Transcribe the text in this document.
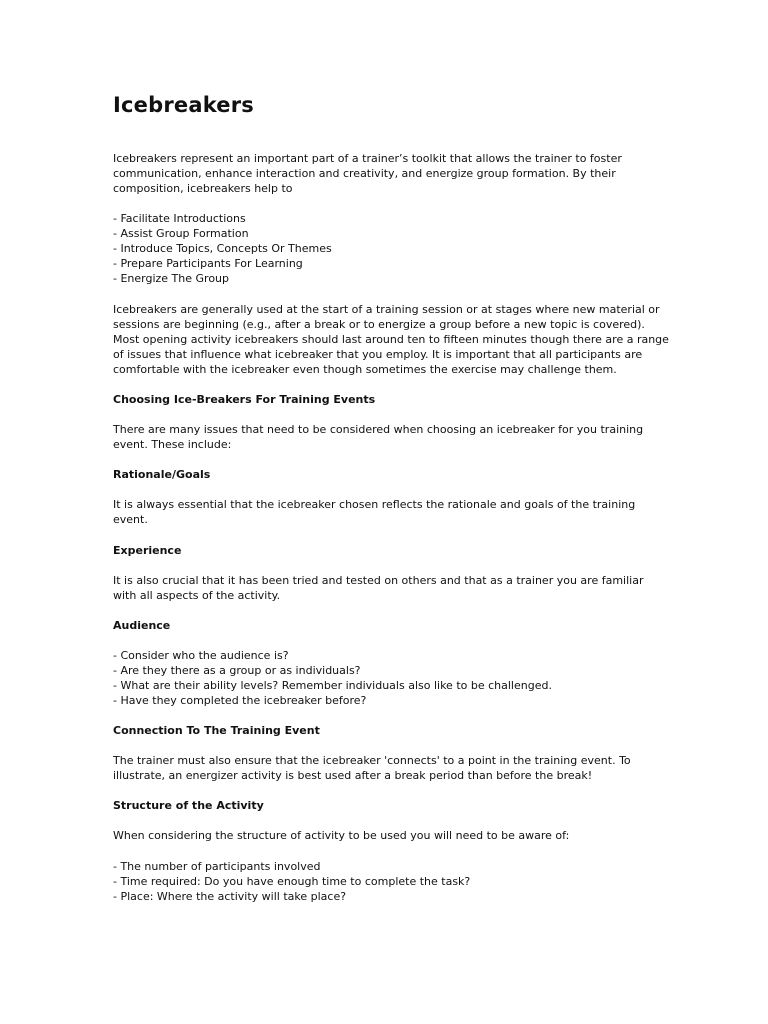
Icebreakers

Icebreakers represent an important part of a trainer’s toolkit that allows the trainer to foster
communication, enhance interaction and creativity, and energize group formation. By their
composition, icebreakers help to

- Facilitate Introductions
- Assist Group Formation
- Introduce Topics, Concepts Or Themes
- Prepare Participants For Learning
- Energize The Group

Icebreakers are generally used at the start of a training session or at stages where new material or
sessions are beginning (e.g., after a break or to energize a group before a new topic is covered).
Most opening activity icebreakers should last around ten to fifteen minutes though there are a range
of issues that influence what icebreaker that you employ. It is important that all participants are
comfortable with the icebreaker even though sometimes the exercise may challenge them.

Choosing Ice-Breakers For Training Events

There are many issues that need to be considered when choosing an icebreaker for you training
event. These include:

Rationale/Goals

It is always essential that the icebreaker chosen reflects the rationale and goals of the training
event.

Experience

It is also crucial that it has been tried and tested on others and that as a trainer you are familiar
with all aspects of the activity.

Audience

- Consider who the audience is?
- Are they there as a group or as individuals?
- What are their ability levels? Remember individuals also like to be challenged.
- Have they completed the icebreaker before?

Connection To The Training Event

The trainer must also ensure that the icebreaker 'connects' to a point in the training event. To
illustrate, an energizer activity is best used after a break period than before the break!

Structure of the Activity

When considering the structure of activity to be used you will need to be aware of:

- The number of participants involved
- Time required: Do you have enough time to complete the task?
- Place: Where the activity will take place?
